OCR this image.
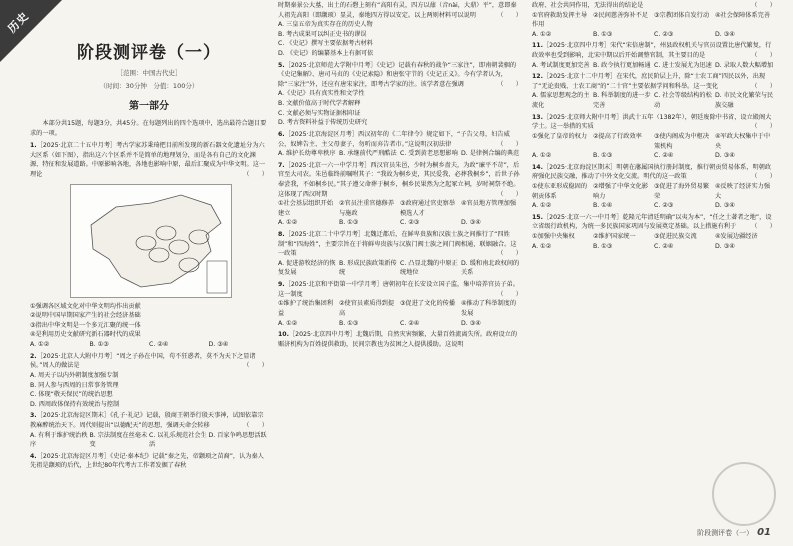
历史
阶段测评卷（一）
［范围：中国古代史］
（时间：30分钟　分值：100分）
第一部分
本部分共15题，每题3分，共45分。在每题列出的四个选项中，选出最符合题目要求的一项。
1.［2025·北京二十五中月考］考古学家苏秉琦把目前所发现的新石器文化遗址分为六大区系（如下图），指出这六个区系并不是简单的地理划分，而是各有自己的文化渊源、特征和发展道路。中原影响各地，各地也影响中原，最后汇聚成为中华文明。这一理论	（　　）
①强调各区域文化对中华文明均作出贡献
②说明中国早期国家产生的社会经济基础
③指出中华文明是一个多元汇聚的统一体
④是利用历史文献研究新石器时代的成果
A. ①②	B. ①③	C. ②④	D. ③④
2.［2025·北京人大附中月考］“周之子孙在中国，苟不狂惑者，莫不为天下之显诸侯。”周人的做法是	（　　）
A. 周天子以内外朝制度加强专制
B. 同人参与西周的日常事务管理
C. 体现“敬天保民”的统治思想
D. 西周政体保持有效统治与控制
3.［2025·北京海淀区期末］《孔子·礼记》记载，殷商王朝举行殷天事神，试图依靠宗教麻醉统治天下。周代则提出“以德配天”的思想，强调天命会转移	（　　）
A. 有利于维护统治秩序
B. 宗法制度在丝毫未变
C. 以礼乐规范社会生活
D. 百家争鸣思想活跃
4.［2025·北京海淀区月考］《史记·秦本纪》记载“秦之先，帝颛顼之苗裔”，认为秦人先祖是颛顼的后代，上世纪80年代考古工作者发掘了春秋
时期秦景公大墓，出土的石磬上刻有“高阳有灵，四方以鼐（音nài，大鼎）平”，意即秦人祖先高阳（即颛顼）显灵，秦地四方得以安定。以上两则材料可以说明	（　　）
A. 三皇五帝为真实存在的历史人物
B. 考古成果可以纠正史书的谬误
C. 《史记》撰写主要依据考古材料
D. 《史记》的编纂基本上有据可依
5.［2025·北京师范大学附中月考］《史记》记载有春秋的战争“三家注”，即南朝裴骃的《史记集解》、唐司马贞的《史记索隐》和唐张守节的《史记正义》。今有学者认为，除“三家注”外，还应有唐宋家注，即考古学家的注。该学者意在强调	（　　）
A.《史记》具有真实性和文学性
B. 文献价值高于时代学者解释
C. 文献必须与实物证据相印证
D. 考古资料补益于传统历史研究
6.［2025·北京海淀区月考］西汉初年的《二年律令》规定如下，“子告父母，妇告威公，奴婢告主、主父母妻子，勿听而弃告者市。”这说明汉初法律	（　　）
A. 维护长幼尊卑秩序 B. 承继前代严刑酷法 C. 受到黄老思想影响 D. 是律例合编的典范
7.［2025·北京一六一中学月考］西汉官员朱邑，少时为桐乡啬夫，为政“廉平不苛”，后官至大司农。朱邑临终前嘱咐其子：“我故为桐乡吏，其民爱我，必葬我桐乡”，后世子孙奉尝我，不如桐乡民。”其子遵父命葬于桐乡，桐乡民果然为之起冢立祠，岁时祠祭不绝。这体现了西汉时期	（　　）
①社会基层组织开始建立
②官员注重官德修养与施政
③政府通过官吏察举模选人才
④官员地方管理加强
A. ①②	B. ①③	C. ②③	D. ③④
8.［2025·北京二十中学月考］北魏迁都后，在鲜卑贵族和汉族士族之间推行了“四姓制”和“四海姓”，主要宗旨在于将鲜卑贵族与汉族门阀士族之间门阀相通，联姻融合。这一政策	（　　）
A. 促进游牧经济的恢复发展
B. 形成民族政策新传统
C. 凸显北魏的中原正统地位
D. 缓和南北政权间的关系
9.［2025·北京和平街第一中学月考］唐朝初年在长安设立国子监，集中培养官员子弟。这一制度	（　　）
①维护了统治集团利益
②使官员素质得到提高
③促进了文化的传播 ④推动了科举制度的发展
A. ①②	B. ①③	C. ②④	D. ③④
10.［2025·北京四中月考］北魏后期，自然灾害频繁，大量百姓流离失所。政府设立的赈济机构为百姓提供救助，民间宗教也为贫困之人提供援助。这说明
政府、社会共同作用，无法得出的结论是	（　　）
①官府救助发挥主导作用
②民间慈善弥补不足 ③宗教团体自发行动 ④社会保障体系完善
A. ①②	B. ①③	C. ②③	D. ③④
11.［2025·北京四中月考］宋代“宋倍唐制”，州县政权机关与官员设置比唐代繁复，行政效率也受到影响，北宋中期以后开始调整官制，其主要目的是	（　　）
A. 考试制度更加完善 B. 政令执行更加畅通 C. 进士发展尤为迅速 D. 录取人数大幅增加
12.［2025·北京十二中月考］在宋代，庶民阶层上升，除“士农工商”四民以外，出现了“无论贵贱、士农工商”的“二十官”主要依据学问和科举。这一变化	（　　）
A. 儒家思想观念的主流化
B. 科举制度的进一步完善
C. 社会等级结构的松动
D. 市民文化繁荣与民族交融
13.［2025·北京师大附中月考］洪武十五年（1382年），朝廷废除中书省，设立殿阁大学士。这一举措的实质	（　　）
①强化了皇帝的权力 ②提高了行政效率	③使内阁成为中枢决策机构
④军政大权集中于中央
A. ①②	B. ①③	C. ②④	D. ③④
14.［2025·北京海淀区期末］明朝在藩属国执行册封制度，推行朝贡贸易体系，明朝政府强化民族交融，推动了中外文化交流。明代的这一政策	（　　）
①使东亚形成稳固的朝贡体系
②增强了中华文化影响力
③促进了海外贸易繁荣
④反映了经济实力强大
A. ①②	B. ①④	C. ②③	D. ③④
15.［2025·北京一六一中月考］乾隆元年清廷明确“以夷为本”，“任之土著者之地”，设立省级行政机构，为统一多民族国家巩固与发展奠定基础。以上措施有利于 （　　）
①加强中央集权	②维护国家统一	③促进民族交流	④发展边疆经济
A. ①②	B. ①③	C. ②④	D. ③④
阶段测评卷（一） 01
